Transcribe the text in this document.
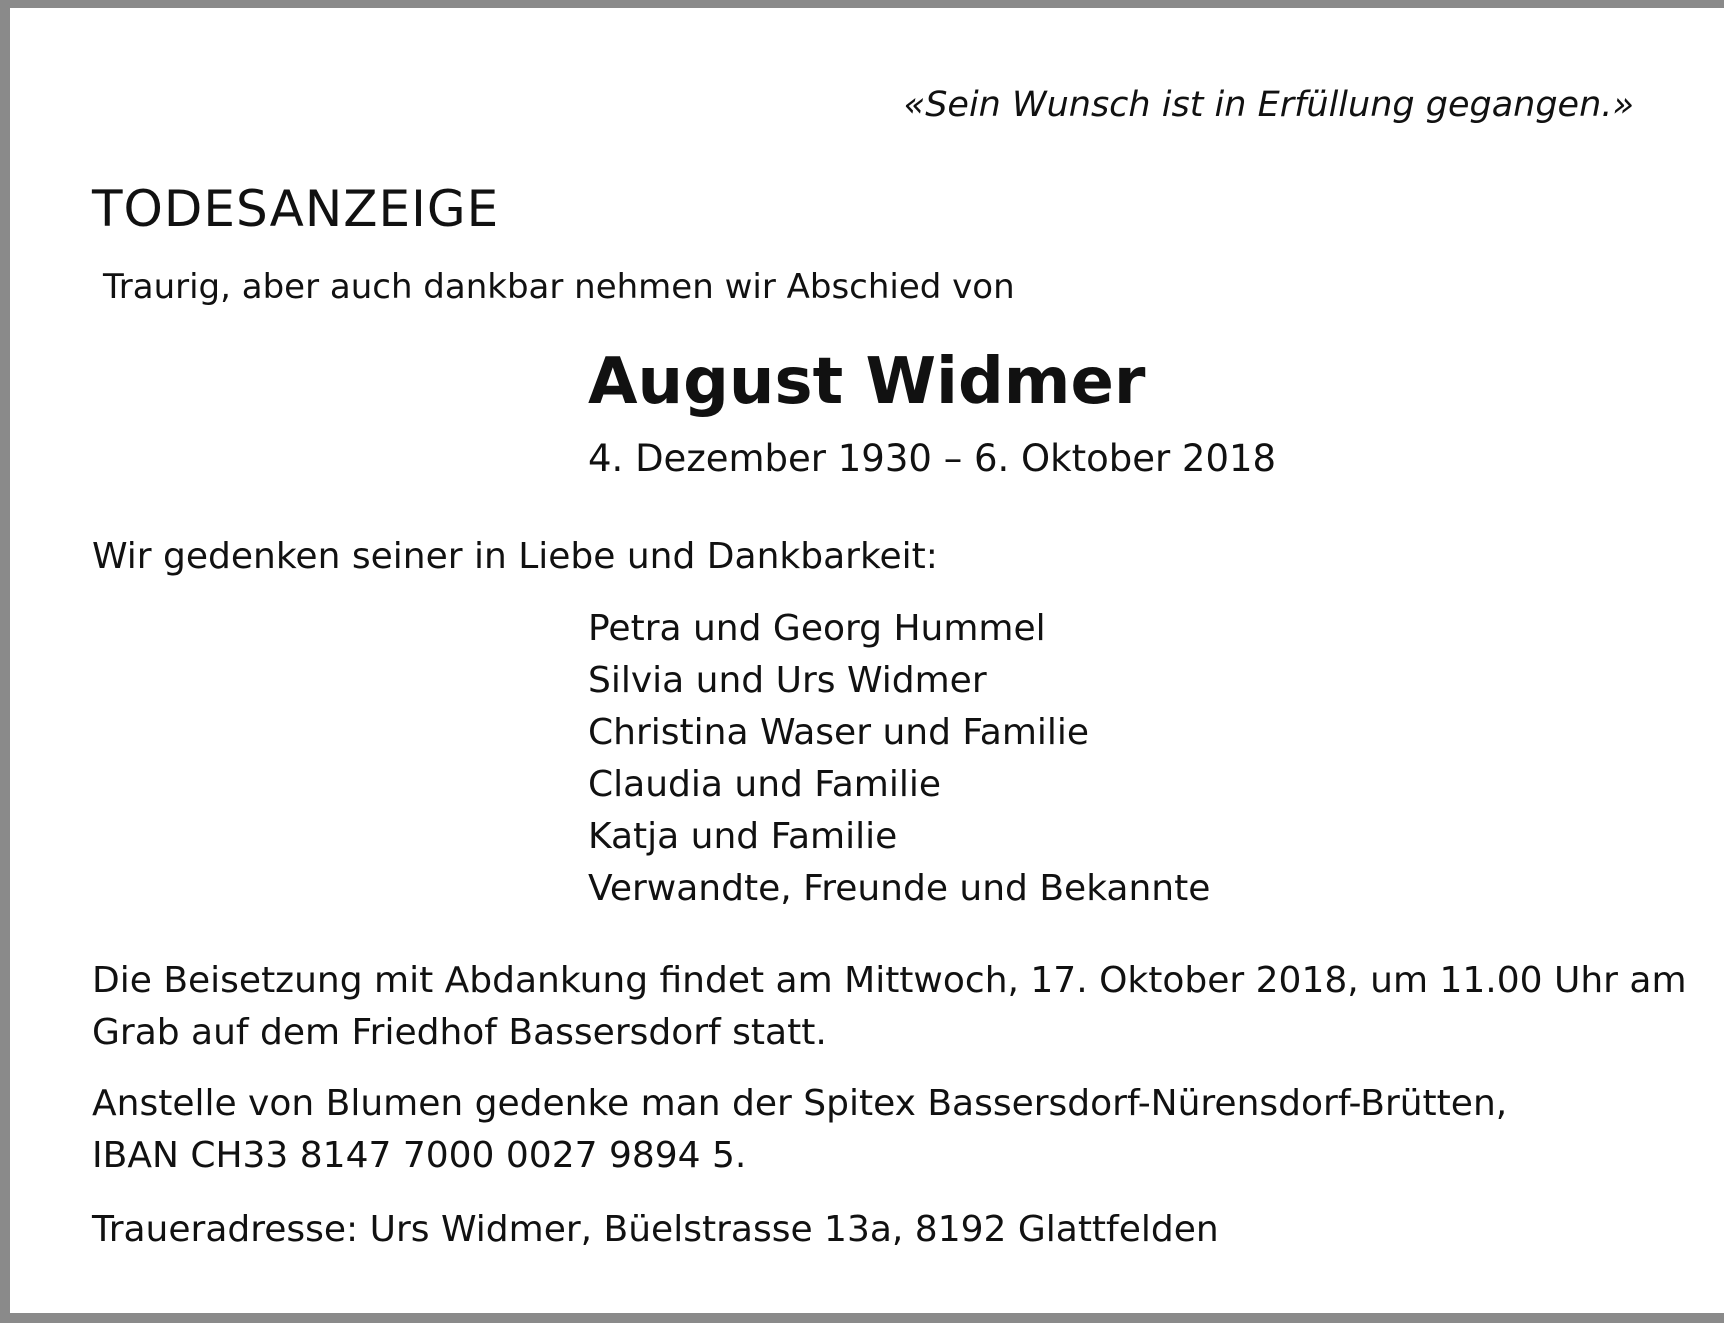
«Sein Wunsch ist in Erfüllung gegangen.»
TODESANZEIGE
Traurig, aber auch dankbar nehmen wir Abschied von
August Widmer
4. Dezember 1930 – 6. Oktober 2018
Wir gedenken seiner in Liebe und Dankbarkeit:
Petra und Georg Hummel
Silvia und Urs Widmer
Christina Waser und Familie
Claudia und Familie
Katja und Familie
Verwandte, Freunde und Bekannte
Die Beisetzung mit Abdankung findet am Mittwoch, 17. Oktober 2018, um 11.00 Uhr am
Grab auf dem Friedhof Bassersdorf statt.
Anstelle von Blumen gedenke man der Spitex Bassersdorf-Nürensdorf-Brütten,
IBAN CH33 8147 7000 0027 9894 5.
Traueradresse: Urs Widmer, Büelstrasse 13a, 8192 Glattfelden
